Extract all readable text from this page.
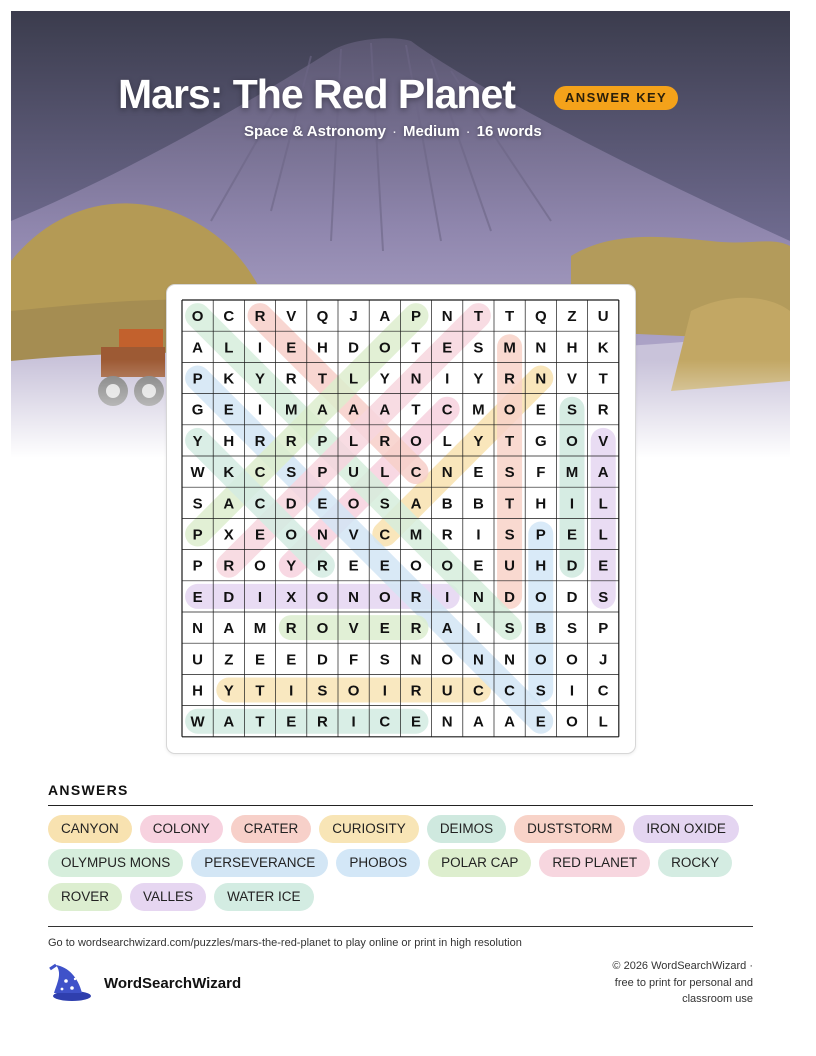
Mars: The Red Planet	ANSWER KEY
Space & Astronomy · Medium · 16 words
O C R V Q J A P N T T Q Z U
A L I E H D O T E S M N H K
P K Y R T L Y N I Y R N V T
G E I M A A A T C M O E S R
Y H R R P L R O L Y T G O V
W K C S P U L C N E S F M A
S A C D E O S A B B T H I L
P X E O N V C M R I S P E L
P R O Y R E E O O E U H D E
E D I X O N O R I N D O D S
N A M R O V E R A I S B S P
U Z E E D F S N O N N O O J
H Y T I S O I R U C C S I C
W A T E R I C E N A A E O L
ANSWERS
CANYON	COLONY	CRATER	CURIOSITY	DEIMOS	DUSTSTORM	IRON OXIDE
OLYMPUS MONS	PERSEVERANCE	PHOBOS	POLAR CAP	RED PLANET	ROCKY
ROVER	VALLES	WATER ICE
Go to wordsearchwizard.com/puzzles/mars-the-red-planet to play online or print in high resolution
WordSearchWizard
© 2026 WordSearchWizard ·
free to print for personal and
classroom use
